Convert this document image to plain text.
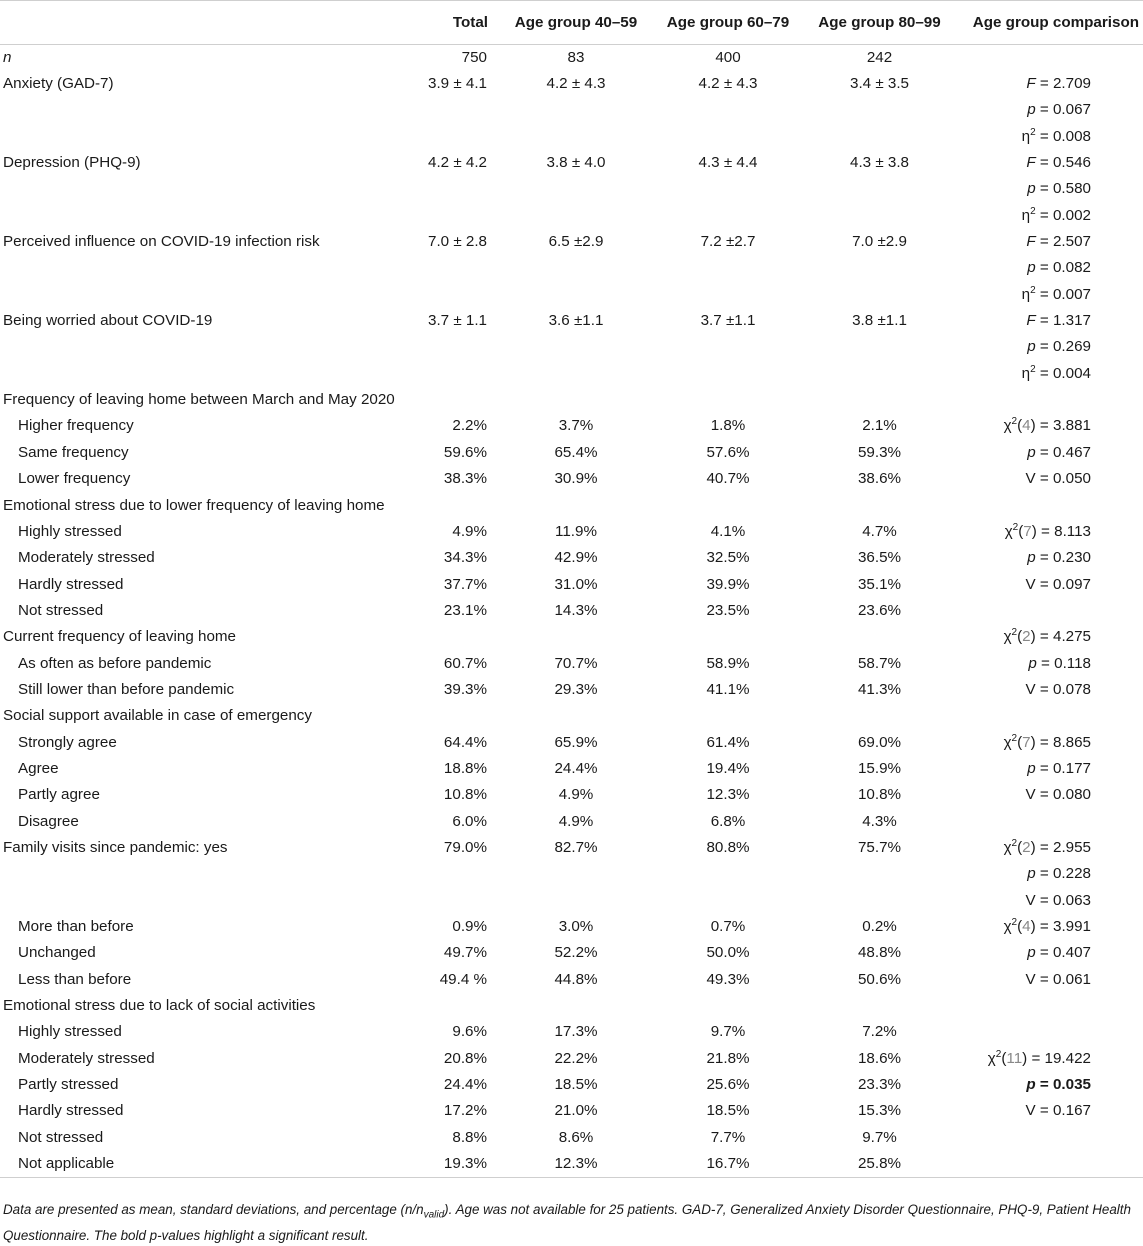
	Total	Age group 40–59	Age group 60–79	Age group 80–99	Age group comparison
n	750	83	400	242	
Anxiety (GAD-7)	3.9 ± 4.1	4.2 ± 4.3	4.2 ± 4.3	3.4 ± 3.5	F = 2.709
					p = 0.067
					$\eta^2 = 0.008$
Depression (PHQ-9)	4.2 ± 4.2	3.8 ± 4.0	4.3 ± 4.4	4.3 ± 3.8	F = 0.546
					p = 0.580
					$\eta^2 = 0.002$
Perceived influence on COVID-19 infection risk	7.0 ± 2.8	6.5 ±2.9	7.2 ±2.7	7.0 ±2.9	F = 2.507
					p = 0.082
					$\eta^2 = 0.007$
Being worried about COVID-19	3.7 ± 1.1	3.6 ±1.1	3.7 ±1.1	3.8 ±1.1	F = 1.317
					p = 0.269
					$\eta^2 = 0.004$
Frequency of leaving home between March and May 2020					
Higher frequency	2.2%	3.7%	1.8%	2.1%	$\chi^2(4) = 3.881$
Same frequency	59.6%	65.4%	57.6%	59.3%	p = 0.467
Lower frequency	38.3%	30.9%	40.7%	38.6%	V = 0.050
Emotional stress due to lower frequency of leaving home					
Highly stressed	4.9%	11.9%	4.1%	4.7%	$\chi^2(7) = 8.113$
Moderately stressed	34.3%	42.9%	32.5%	36.5%	p = 0.230
Hardly stressed	37.7%	31.0%	39.9%	35.1%	V = 0.097
Not stressed	23.1%	14.3%	23.5%	23.6%	
Current frequency of leaving home					$\chi^2(2) = 4.275$
As often as before pandemic	60.7%	70.7%	58.9%	58.7%	p = 0.118
Still lower than before pandemic	39.3%	29.3%	41.1%	41.3%	V = 0.078
Social support available in case of emergency					
Strongly agree	64.4%	65.9%	61.4%	69.0%	$\chi^2(7) = 8.865$
Agree	18.8%	24.4%	19.4%	15.9%	p = 0.177
Partly agree	10.8%	4.9%	12.3%	10.8%	V = 0.080
Disagree	6.0%	4.9%	6.8%	4.3%	
Family visits since pandemic: yes	79.0%	82.7%	80.8%	75.7%	$\chi^2(2) = 2.955$
					p = 0.228
					V = 0.063
More than before	0.9%	3.0%	0.7%	0.2%	$\chi^2(4) = 3.991$
Unchanged	49.7%	52.2%	50.0%	48.8%	p = 0.407
Less than before	49.4 %	44.8%	49.3%	50.6%	V = 0.061
Emotional stress due to lack of social activities					
Highly stressed	9.6%	17.3%	9.7%	7.2%	
Moderately stressed	20.8%	22.2%	21.8%	18.6%	$\chi^2(11) = 19.422$
Partly stressed	24.4%	18.5%	25.6%	23.3%	p = 0.035
Hardly stressed	17.2%	21.0%	18.5%	15.3%	V = 0.167
Not stressed	8.8%	8.6%	7.7%	9.7%	
Not applicable	19.3%	12.3%	16.7%	25.8%	
Data are presented as mean, standard deviations, and percentage $(n/n_{valid})$. Age was not available for 25 patients. GAD-7, Generalized Anxiety Disorder Questionnaire, PHQ-9, Patient Health Questionnaire. The bold p-values highlight a significant result.
